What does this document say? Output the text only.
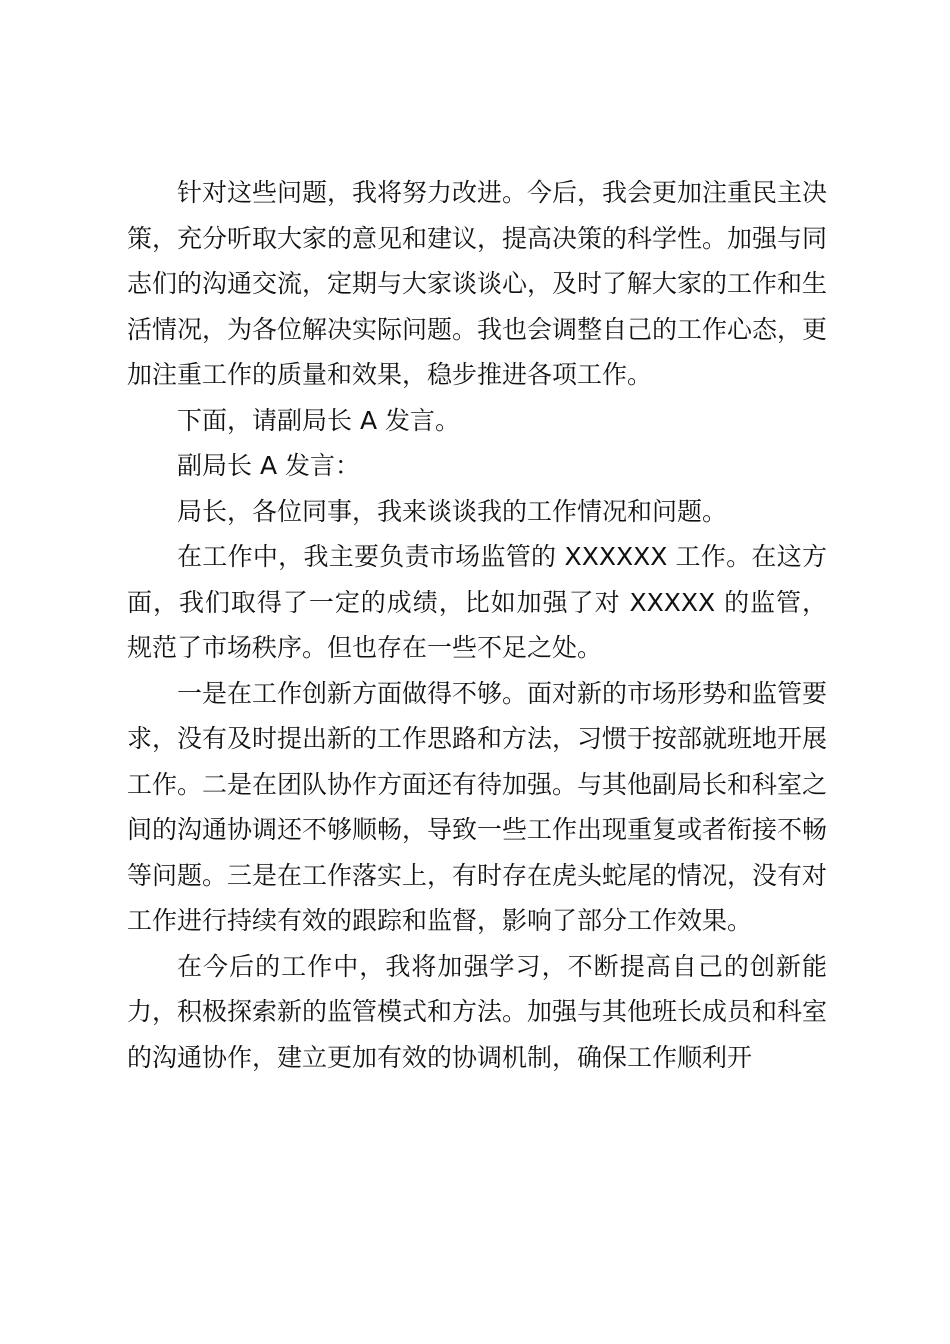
针对这些问题，我将努力改进。今后，我会更加注重民主决策，充分听取大家的意见和建议，提高决策的科学性。加强与同志们的沟通交流，定期与大家谈谈心，及时了解大家的工作和生活情况，为各位解决实际问题。我也会调整自己的工作心态，更加注重工作的质量和效果，稳步推进各项工作。

下面，请副局长 A 发言。

副局长 A 发言：

局长，各位同事，我来谈谈我的工作情况和问题。

在工作中，我主要负责市场监管的 XXXXXX 工作。在这方面，我们取得了一定的成绩，比如加强了对 XXXXX 的监管，规范了市场秩序。但也存在一些不足之处。

一是在工作创新方面做得不够。面对新的市场形势和监管要求，没有及时提出新的工作思路和方法，习惯于按部就班地开展工作。二是在团队协作方面还有待加强。与其他副局长和科室之间的沟通协调还不够顺畅，导致一些工作出现重复或者衔接不畅等问题。三是在工作落实上，有时存在虎头蛇尾的情况，没有对工作进行持续有效的跟踪和监督，影响了部分工作效果。

在今后的工作中，我将加强学习，不断提高自己的创新能力，积极探索新的监管模式和方法。加强与其他班长成员和科室的沟通协作，建立更加有效的协调机制，确保工作顺利开
